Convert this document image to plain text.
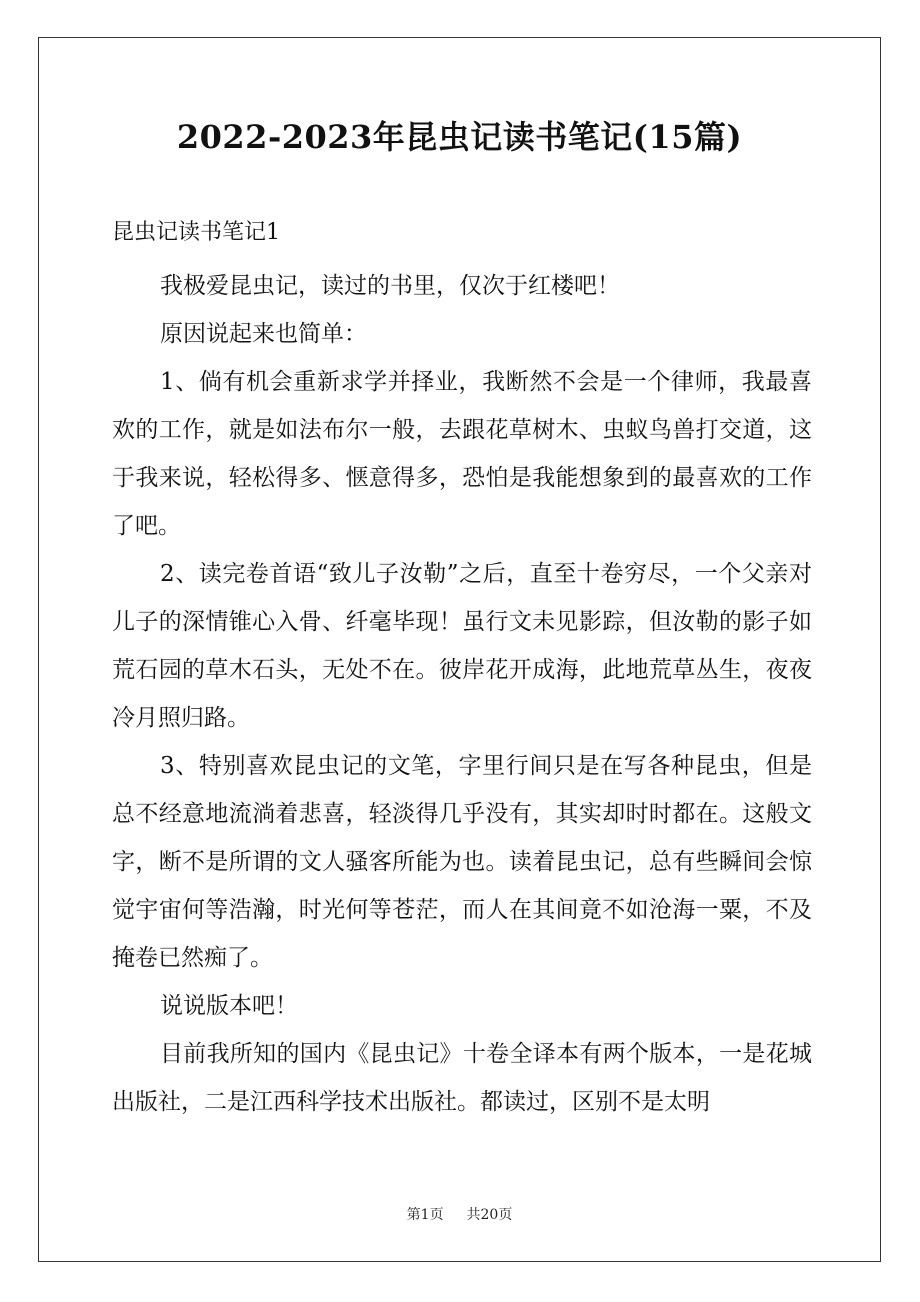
2022-2023年昆虫记读书笔记(15篇)
昆虫记读书笔记1

我极爱昆虫记，读过的书里，仅次于红楼吧！

原因说起来也简单：

1、倘有机会重新求学并择业，我断然不会是一个律师，我最喜欢的工作，就是如法布尔一般，去跟花草树木、虫蚁鸟兽打交道，这于我来说，轻松得多、惬意得多，恐怕是我能想象到的最喜欢的工作了吧。

2、读完卷首语“致儿子汝勒”之后，直至十卷穷尽，一个父亲对儿子的深情锥心入骨、纤毫毕现！虽行文未见影踪，但汝勒的影子如荒石园的草木石头，无处不在。彼岸花开成海，此地荒草丛生，夜夜冷月照归路。

3、特别喜欢昆虫记的文笔，字里行间只是在写各种昆虫，但是总不经意地流淌着悲喜，轻淡得几乎没有，其实却时时都在。这般文字，断不是所谓的文人骚客所能为也。读着昆虫记，总有些瞬间会惊觉宇宙何等浩瀚，时光何等苍茫，而人在其间竟不如沧海一粟，不及掩卷已然痴了。

说说版本吧！

目前我所知的国内《昆虫记》十卷全译本有两个版本，一是花城出版社，二是江西科学技术出版社。都读过，区别不是太明

第1页 共20页
